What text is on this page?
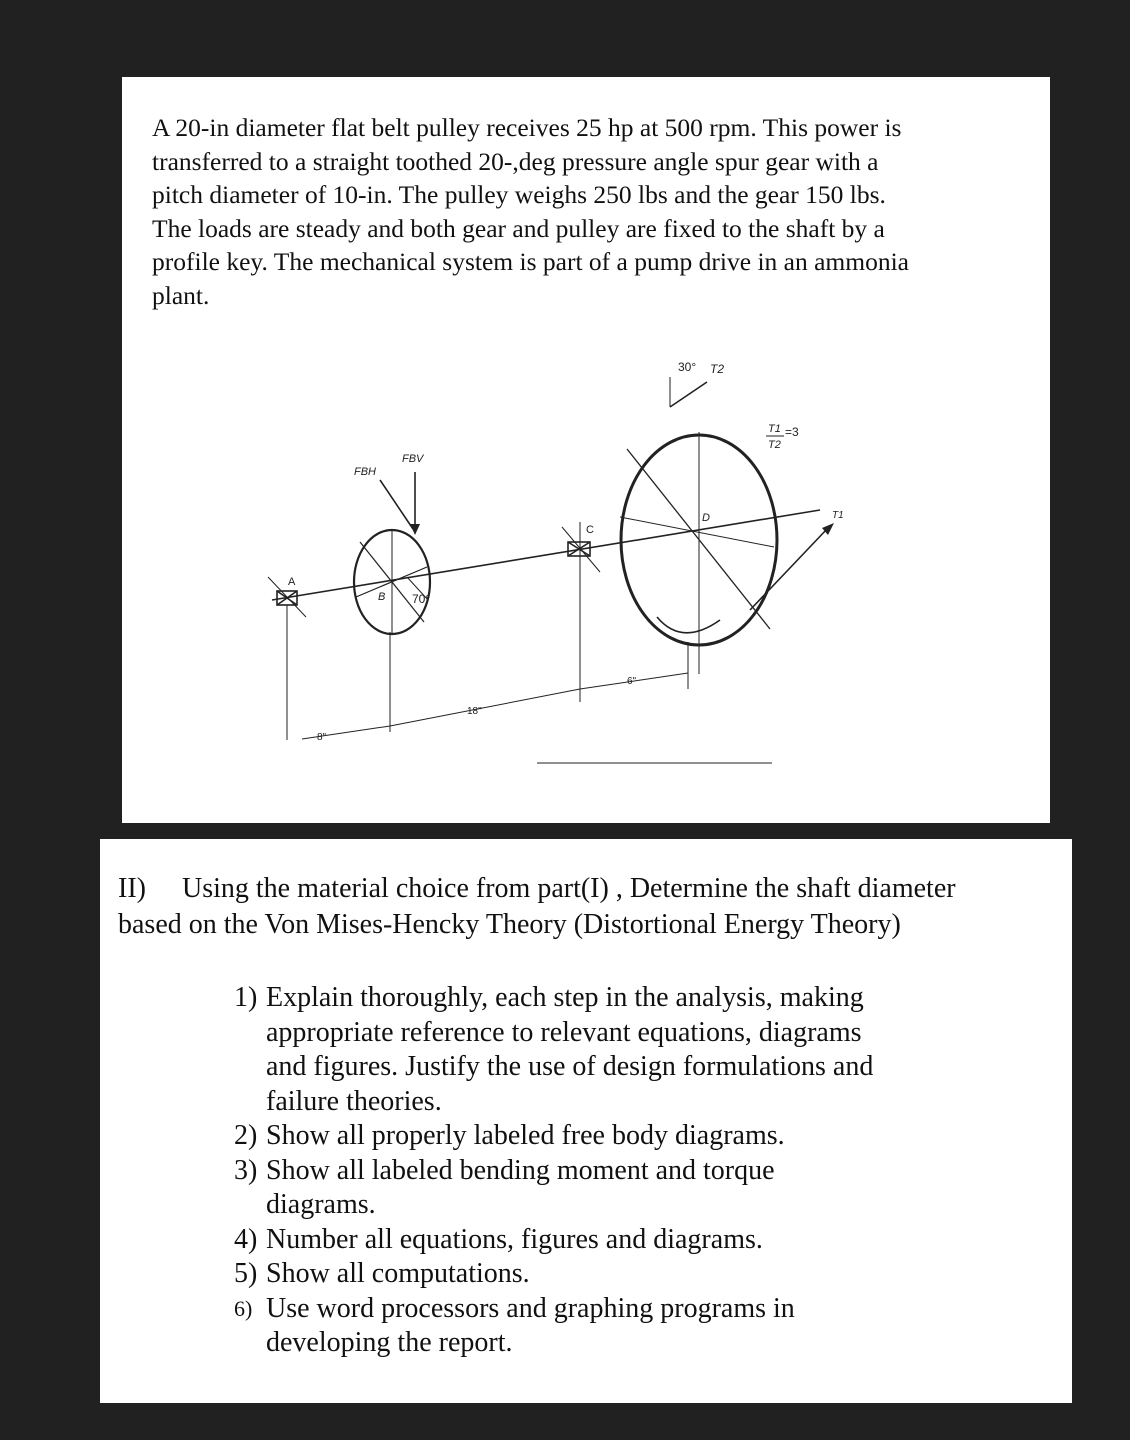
A 20-in diameter flat belt pulley receives 25 hp at 500 rpm. This power is
transferred to a straight toothed 20-,deg pressure angle spur gear with a
pitch diameter of 10-in. The pulley weighs 250 lbs and the gear 150 lbs.
The loads are steady and both gear and pulley are fixed to the shaft by a
profile key. The mechanical system is part of a pump drive in an ammonia
plant.

30° T2
T1
T2
=3
FBV
FBH
C
D	T1
A
B 70°
6"
18"
8"

II) Using the material choice from part(I) , Determine the shaft diameter
based on the Von Mises-Hencky Theory (Distortional Energy Theory)

1) Explain thoroughly, each step in the analysis, making
appropriate reference to relevant equations, diagrams
and figures. Justify the use of design formulations and
failure theories.
2) Show all properly labeled free body diagrams.
3) Show all labeled bending moment and torque
diagrams.
4) Number all equations, figures and diagrams.
5) Show all computations.
6) Use word processors and graphing programs in
developing the report.
